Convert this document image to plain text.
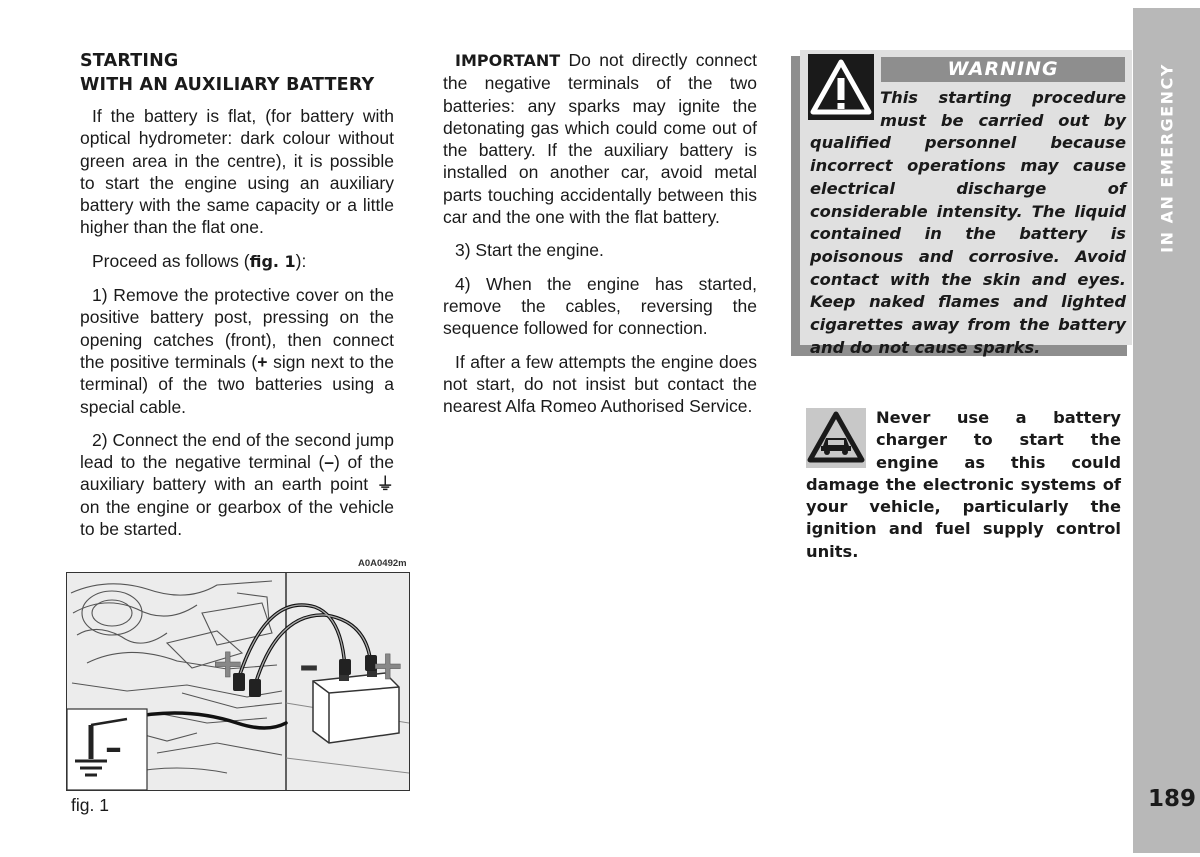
IN AN EMERGENCY
189
STARTING
WITH AN AUXILIARY BATTERY

If the battery is flat, (for battery with optical hydrometer: dark colour without green area in the centre), it is possible to start the engine using an auxiliary battery with the same capacity or a little higher than the flat one.

Proceed as follows (fig. 1):

1) Remove the protective cover on the positive battery post, pressing on the opening catches (front), then connect the positive terminals (+ sign next to the terminal) of the two batteries using a special cable.

2) Connect the end of the second jump lead to the negative terminal (–) of the auxiliary battery with an earth point ⏚ on the engine or gearbox of the vehicle to be started.

IMPORTANT Do not directly connect the negative terminals of the two batteries: any sparks may ignite the detonating gas which could come out of the battery. If the auxiliary battery is installed on another car, avoid metal parts touching accidentally between this car and the one with the flat battery.

3) Start the engine.

4) When the engine has started, remove the cables, reversing the sequence followed for connection.

If after a few attempts the engine does not start, do not insist but contact the nearest Alfa Romeo Authorised Service.

WARNING
This starting procedure must be carried out by qualified personnel because incorrect operations may cause electrical discharge of considerable intensity. The liquid contained in the battery is poisonous and corrosive. Avoid contact with the skin and eyes. Keep naked flames and lighted cigarettes away from the battery and do not cause sparks.
Never use a battery charger to start the engine as this could damage the electronic systems of your vehicle, particularly the ignition and fuel supply control units.
A0A0492m
+ – +
–
fig. 1
